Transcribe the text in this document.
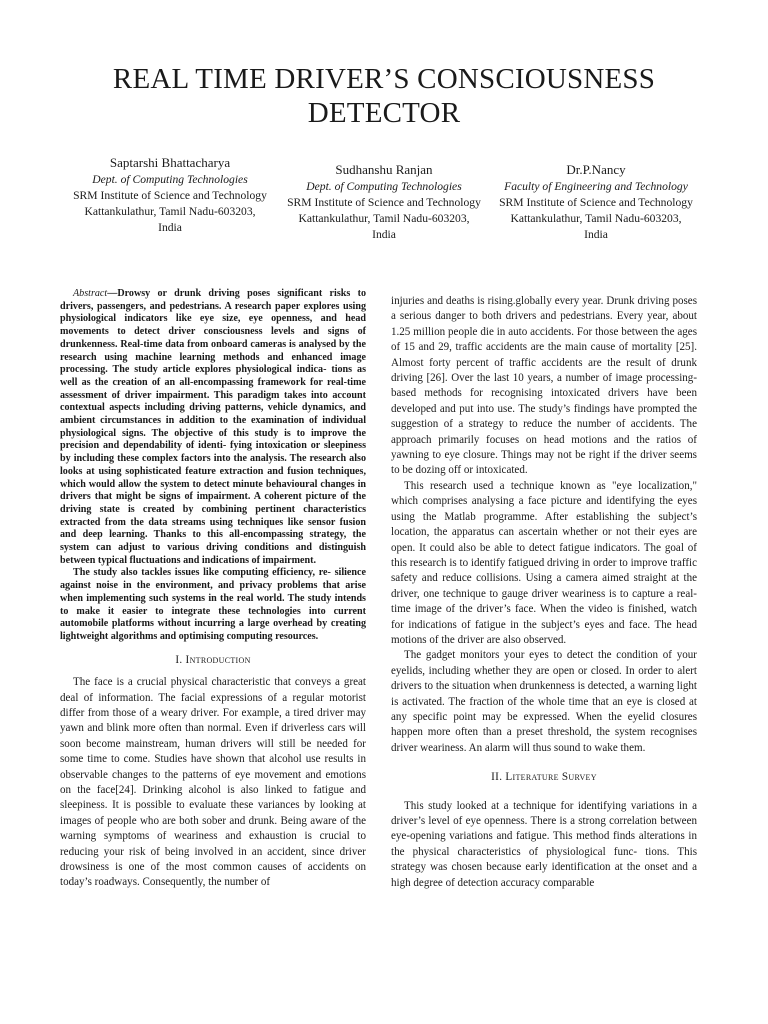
REAL TIME DRIVER’S CONSCIOUSNESS
DETECTOR
Saptarshi Bhattacharya
Dept. of Computing Technologies
SRM Institute of Science and Technology
Kattankulathur, Tamil Nadu-603203,
India
Sudhanshu Ranjan
Dept. of Computing Technologies
SRM Institute of Science and Technology
Kattankulathur, Tamil Nadu-603203,
India
Dr.P.Nancy
Faculty of Engineering and Technology
SRM Institute of Science and Technology
Kattankulathur, Tamil Nadu-603203,
India

Abstract—Drowsy or drunk driving poses significant risks to drivers, passengers, and pedestrians. A research paper explores using physiological indicators like eye size, eye openness, and head movements to detect driver consciousness levels and signs of drunkenness. Real-time data from onboard cameras is analysed by the research using machine learning methods and enhanced image processing. The study article explores physiological indica- tions as well as the creation of an all-encompassing framework for real-time assessment of driver impairment. This paradigm takes into account contextual aspects including driving patterns, vehicle dynamics, and ambient circumstances in addition to the examination of individual physiological signs. The objective of this study is to improve the precision and dependability of identi- fying intoxication or sleepiness by including these complex factors into the analysis. The research also looks at using sophisticated feature extraction and fusion techniques, which would allow the system to detect minute behavioural changes in drivers that might be signs of impairment. A coherent picture of the driving state is created by combining pertinent characteristics extracted from the data streams using techniques like sensor fusion and deep learning. Thanks to this all-encompassing strategy, the system can adjust to various driving conditions and distinguish between typical fluctuations and indications of impairment.

The study also tackles issues like computing efficiency, re- silience against noise in the environment, and privacy problems that arise when implementing such systems in the real world. The study intends to make it easier to integrate these technologies into current automobile platforms without incurring a large overhead by creating lightweight algorithms and optimising computing resources.

I. Introduction

The face is a crucial physical characteristic that conveys a great deal of information. The facial expressions of a regular motorist differ from those of a weary driver. For example, a tired driver may yawn and blink more often than normal. Even if driverless cars will soon become mainstream, human drivers will still be needed for some time to come. Studies have shown that alcohol use results in observable changes to the patterns of eye movement and emotions on the face[24]. Drinking alcohol is also linked to fatigue and sleepiness. It is possible to evaluate these variances by looking at images of people who are both sober and drunk. Being aware of the warning symptoms of weariness and exhaustion is crucial to reducing your risk of being involved in an accident, since driver drowsiness is one of the most common causes of accidents on today’s roadways. Consequently, the number of

injuries and deaths is rising.globally every year. Drunk driving poses a serious danger to both drivers and pedestrians. Every year, about 1.25 million people die in auto accidents. For those between the ages of 15 and 29, traffic accidents are the main cause of mortality [25]. Almost forty percent of traffic accidents are the result of drunk driving [26]. Over the last 10 years, a number of image processing-based methods for recognising intoxicated drivers have been developed and put into use. The study’s findings have prompted the suggestion of a strategy to reduce the number of accidents. The approach primarily focuses on head motions and the ratios of yawning to eye closure. Things may not be right if the driver seems to be dozing off or intoxicated.

This research used a technique known as "eye localization," which comprises analysing a face picture and identifying the eyes using the Matlab programme. After establishing the subject’s location, the apparatus can ascertain whether or not their eyes are open. It could also be able to detect fatigue indicators. The goal of this research is to identify fatigued driving in order to improve traffic safety and reduce collisions. Using a camera aimed straight at the driver, one technique to gauge driver weariness is to capture a real-time image of the driver’s face. When the video is finished, watch for indications of fatigue in the subject’s eyes and face. The head motions of the driver are also observed.

The gadget monitors your eyes to detect the condition of your eyelids, including whether they are open or closed. In order to alert drivers to the situation when drunkenness is detected, a warning light is activated. The fraction of the whole time that an eye is closed at any specific point may be expressed. When the eyelid closures happen more often than a preset threshold, the system recognises driver weariness. An alarm will thus sound to wake them.

II. Literature Survey

This study looked at a technique for identifying variations in a driver’s level of eye openness. There is a strong correlation between eye-opening variations and fatigue. This method finds alterations in the physical characteristics of physiological func- tions. This strategy was chosen because early identification at the onset and a high degree of detection accuracy comparable
